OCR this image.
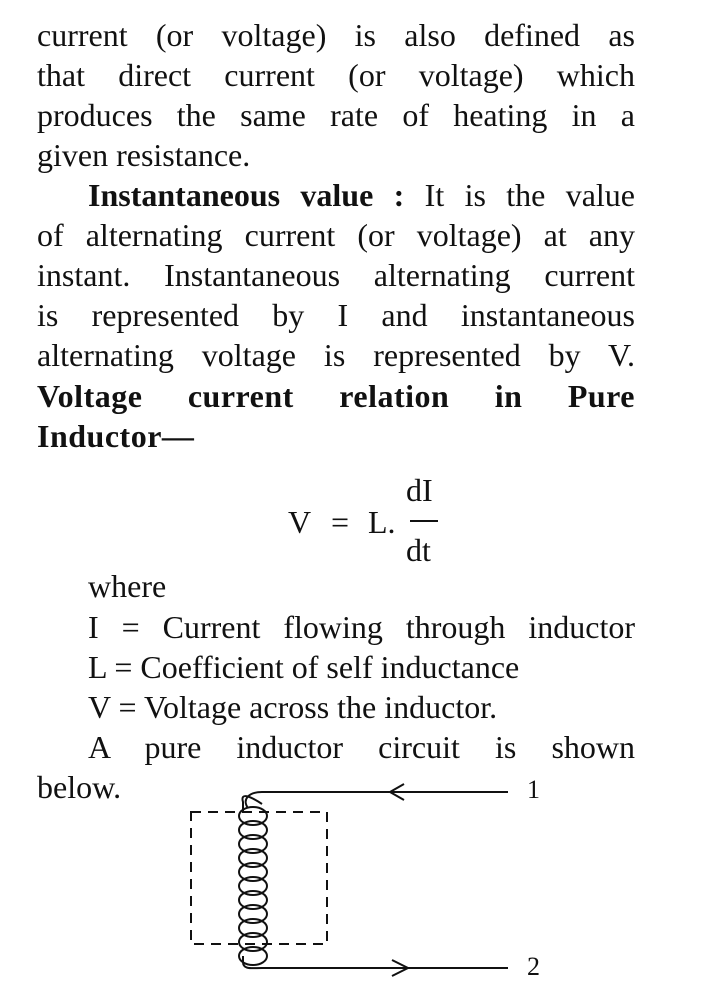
current (or voltage) is also defined as
that direct current (or voltage) which
produces the same rate of heating in a
given resistance.
Instantaneous value : It is the value
of alternating current (or voltage) at any
instant. Instantaneous alternating current
is represented by I and instantaneous
alternating voltage is represented by V.
Voltage current relation in Pure
Inductor—
V = L.
dI
dt
where
I = Current flowing through inductor
L = Coefficient of self inductance
V = Voltage across the inductor.
A pure inductor circuit is shown
below.	1
2
